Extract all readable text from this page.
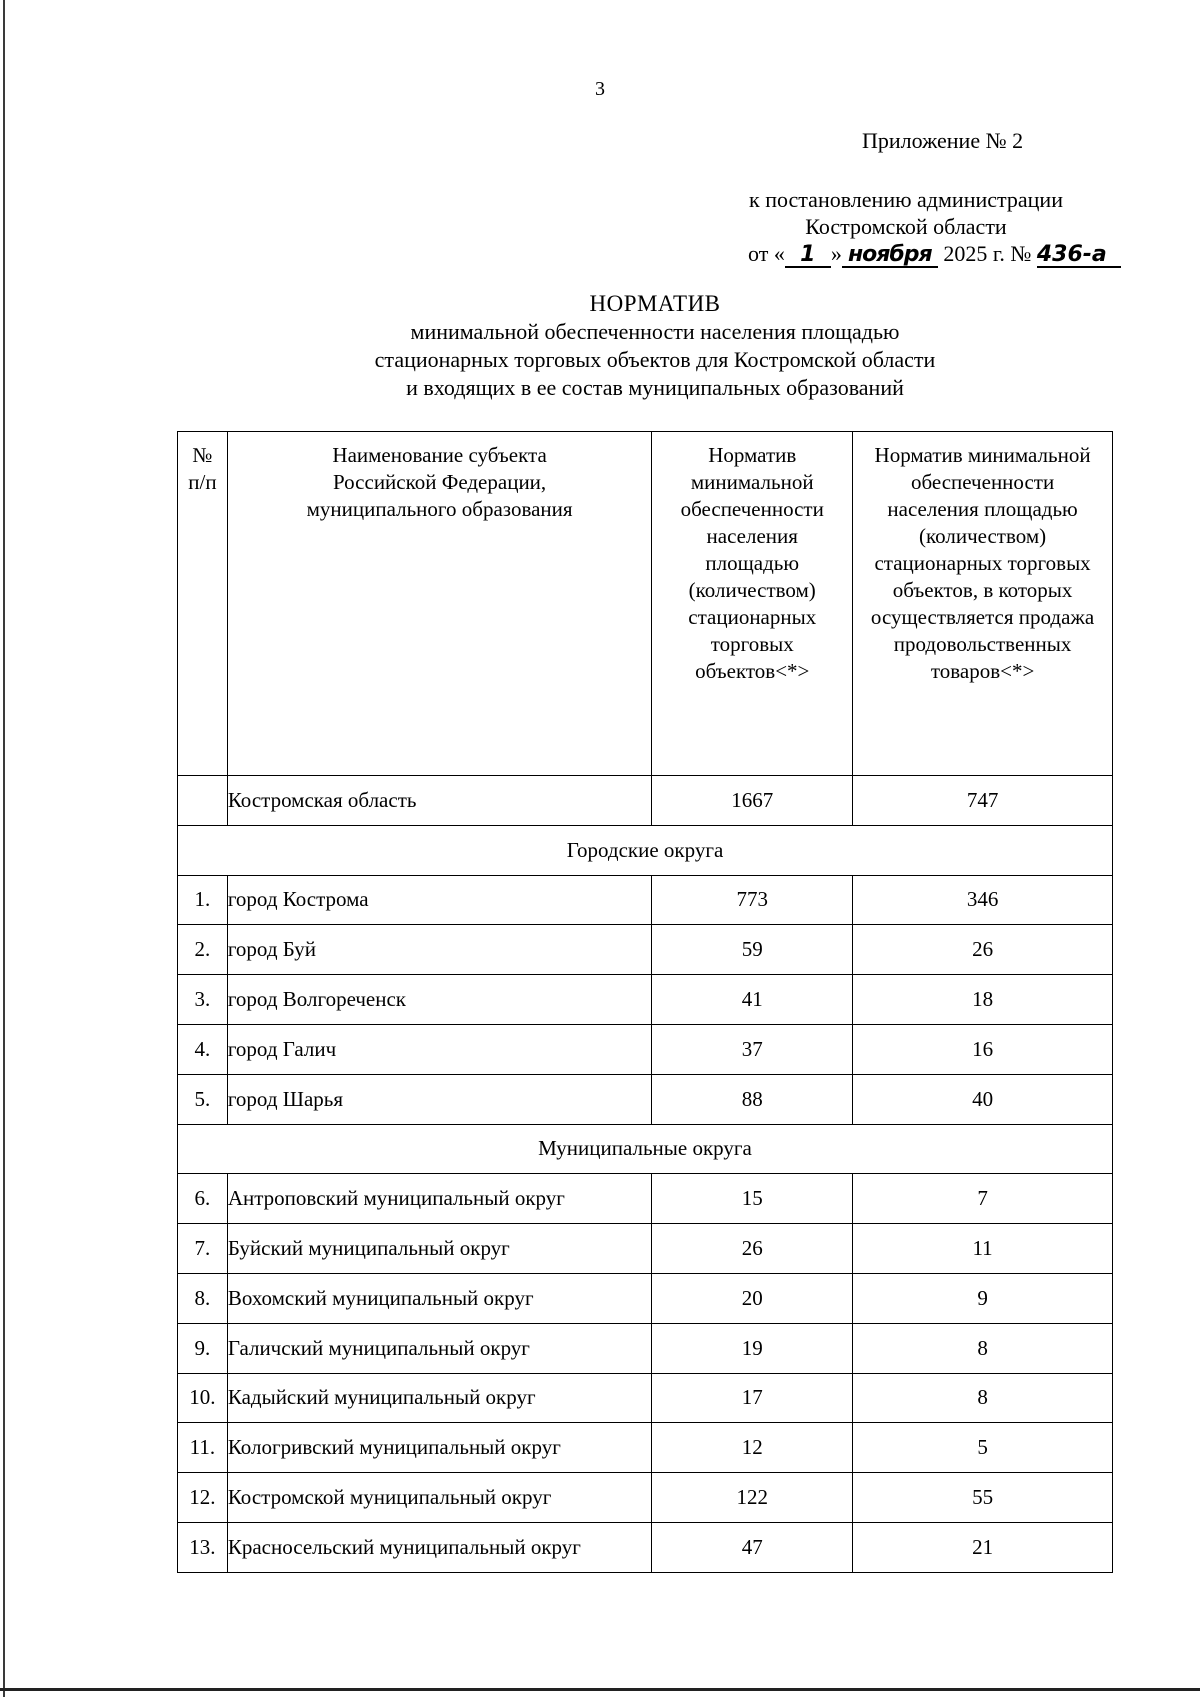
3
Приложение № 2
к постановлению администрации
Костромской области
от « 1 » ноября 2025 г. № 436-а
НОРМАТИВ
минимальной обеспеченности населения площадью
стационарных торговых объектов для Костромской области
и входящих в ее состав муниципальных образований
№
п/п	Наименование субъекта Российской Федерации, муниципального образования	Норматив минимальной обеспеченности населения площадью (количеством) стационарных торговых объектов<*>	Норматив минимальной обеспеченности населения площадью (количеством) стационарных торговых объектов, в которых осуществляется продажа продовольственных товаров<*>

	Костромская область	1667	747
Городские округа			
1.	город Кострома	773	346
2.	город Буй	59	26
3.	город Волгореченск	41	18
4.	город Галич	37	16
5.	город Шарья	88	40
Муниципальные округа			
6.	Антроповский муниципальный округ	15	7
7.	Буйский муниципальный округ	26	11
8.	Вохомский муниципальный округ	20	9
9.	Галичский муниципальный округ	19	8
10.	Кадыйский муниципальный округ	17	8
11.	Кологривский муниципальный округ	12	5
12.	Костромской муниципальный округ	122	55
13.	Красносельский муниципальный округ	47	21
